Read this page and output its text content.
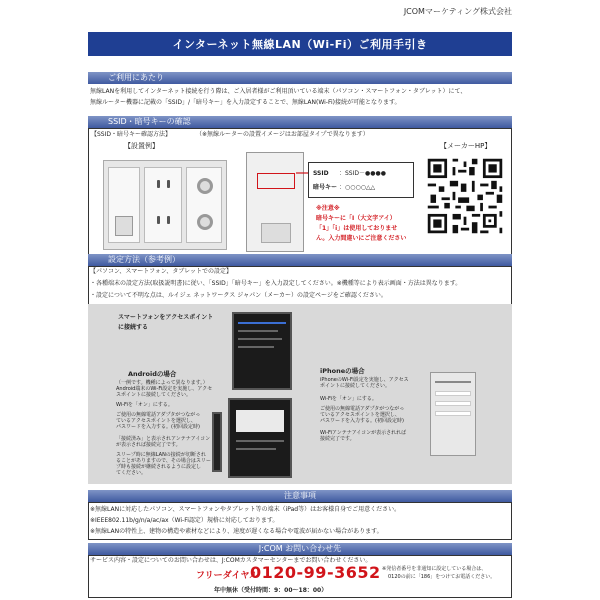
JCOMマーケティング株式会社
インターネット無線LAN（Wi-Fi）ご利用手引き
ご利用にあたり
無線LANを利用してインターネット接続を行う際は、ご入居者様がご利用頂いている端末（パソコン・スマートフォン・タブレット）にて、
無線ルーター機器に記載の「SSID」/「暗号キー」を入力設定することで、無線LAN(Wi-Fi)接続が可能となります。
SSID・暗号キーの確認
【SSID・暗号キー確認方法】	（※無線ルーターの設置イメージはお部屋タイプで異なります）
【設置例】	【メーカーHP】
SSID ：SSID－●●●●
暗号キー ：○○○○△△
※注意※
暗号キーに「I（大文字アイ）
「1」「i」は使用しておりませ
ん。入力間違いにご注意ください
設定方法（参考例）
【パソコン、スマートフォン、タブレットでの設定】
・各種端末の設定方法(取扱説明書)に従い、「SSID」「暗号キー」を入力設定してください。※機種等により表示画面・方法は異なります。
・設定について不明な点は、ルイジェ ネットワークス ジャパン（メーカー）の設定ページをご確認ください。
スマートフォンをアクセスポイント
に接続する
Androidの場合
（一例です。機種によって異なります。）
Android端末のWi-Fi設定を実施し、アクセ
スポイントに接続してください。
Wi-Fiを「オン」にする。
ご使用の無線電話アダプタがつながっ
ているアクセスポイントを選択し、
パスワードを入力する。(初回設定時)
「接続済み」と表示されアンテナアイコン
が表示されば接続完了です。
スリープ時に無線LANの接続が切断され
ることがありますので、その場合はスリー
プ時も接続が継続されるように設定し
てください。
iPhoneの場合
iPhoneのWi-Fi設定を実施し、アクセス
ポイントに接続してください。
Wi-Fiを「オン」にする。
ご使用の無線電話アダプタがつながっ
ているアクセスポイントを選択し、
パスワードを入力する。(初回設定時)
Wi-Fiアンテナアイコンが表示されれば
接続完了です。
注意事項
※無線LANに対応したパソコン、スマートフォンやタブレット等の端末（iPad等）はお客様自身でご用意ください。
※IEEE802.11b/g/n/a/ac/ax（Wi-Fi認定）規格に対応しております。
※無線LANの特性上、建物の構造や素材などにより、速度が遅くなる場合や電波が届かない場合があります。
J:COM お問い合わせ先
サービス内容・設定についてのお問い合わせは、J:COMカスタマーセンターまでお問い合わせください。
フリーダイヤル
0120-99-3652
年中無休（受付時間：9：00～18：00）
※発信者番号を非通知に設定している場合は、
0120の前に「186」をつけてお電話ください。
